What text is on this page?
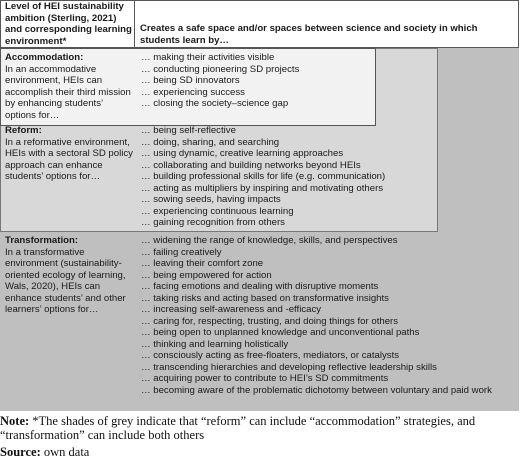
Level of HEI sustainability ambition (Sterling, 2021) and corresponding learning environment*
Creates a safe space and/or spaces between science and society in which students learn by…
Accommodation:
In an accommodative environment, HEIs can accomplish their third mission by enhancing students’ options for…
… making their activities visible
… conducting pioneering SD projects
… being SD innovators
… experiencing success
… closing the society–science gap
Reform:
In a reformative environment, HEIs with a sectoral SD policy approach can enhance students’ options for…
… being self-reflective
… doing, sharing, and searching
… using dynamic, creative learning approaches
… collaborating and building networks beyond HEIs
… building professional skills for life (e.g. communication)
… acting as multipliers by inspiring and motivating others
… sowing seeds, having impacts
… experiencing continuous learning
… gaining recognition from others
Transformation:
In a transformative environment (sustainability-oriented ecology of learning, Wals, 2020), HEIs can enhance students’ and other learners’ options for…
… widening the range of knowledge, skills, and perspectives
… failing creatively
… leaving their comfort zone
… being empowered for action
… facing emotions and dealing with disruptive moments
… taking risks and acting based on transformative insights
… increasing self-awareness and -efficacy
… caring for, respecting, trusting, and doing things for others
… being open to unplanned knowledge and unconventional paths
… thinking and learning holistically
… consciously acting as free-floaters, mediators, or catalysts
… transcending hierarchies and developing reflective leadership skills
… acquiring power to contribute to HEI’s SD commitments
… becoming aware of the problematic dichotomy between voluntary and paid work
Note: *The shades of grey indicate that “reform” can include “accommodation” strategies, and “transformation” can include both others
Source: own data
